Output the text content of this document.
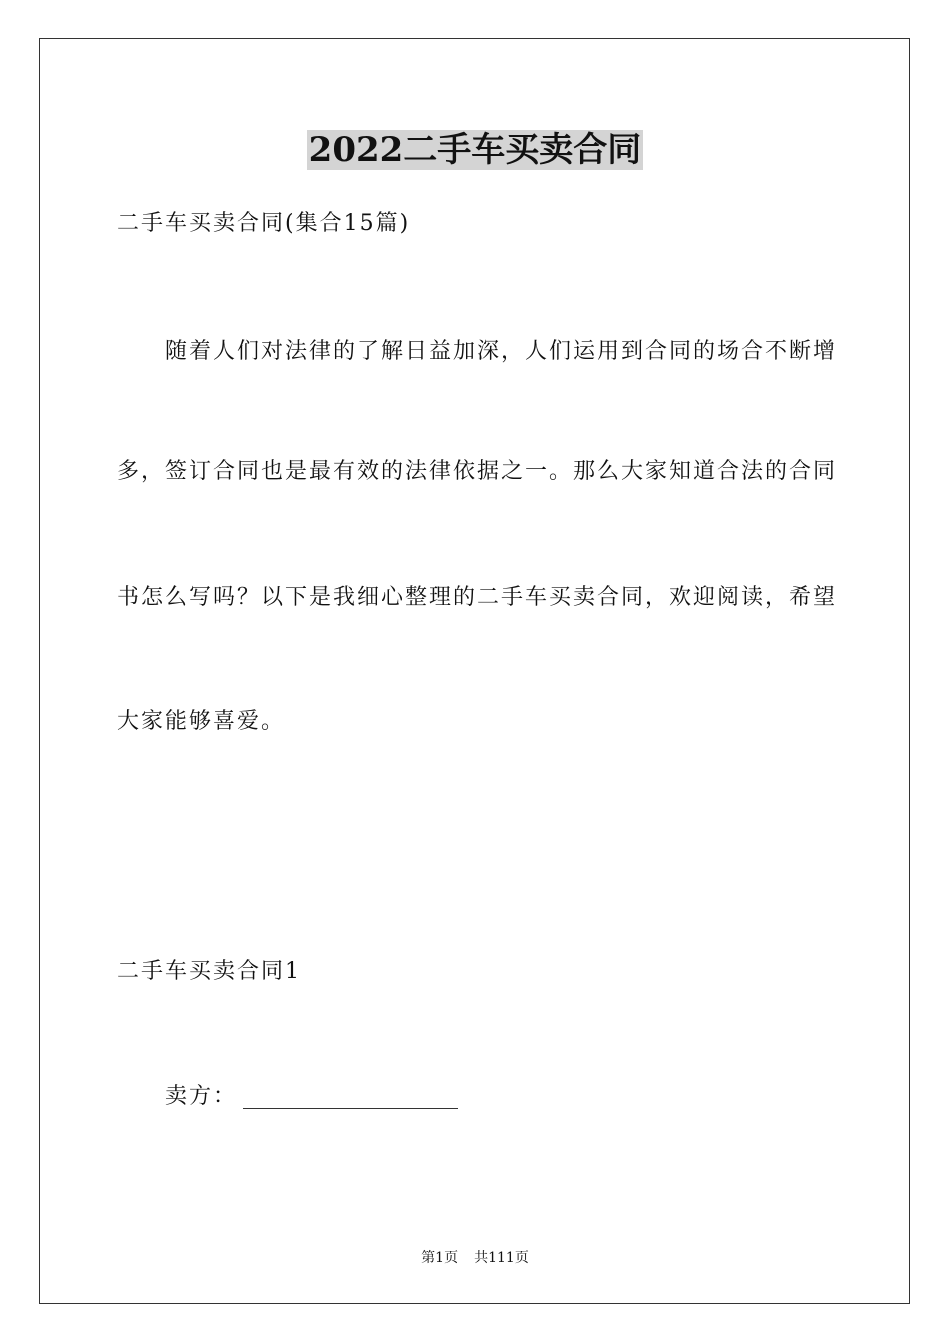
2022二手车买卖合同
二手车买卖合同(集合15篇)
随着人们对法律的了解日益加深，人们运用到合同的场合不断增
多，签订合同也是最有效的法律依据之一。那么大家知道合法的合同
书怎么写吗？以下是我细心整理的二手车买卖合同，欢迎阅读，希望
大家能够喜爱。
二手车买卖合同1
卖方：
第1页 共111页
